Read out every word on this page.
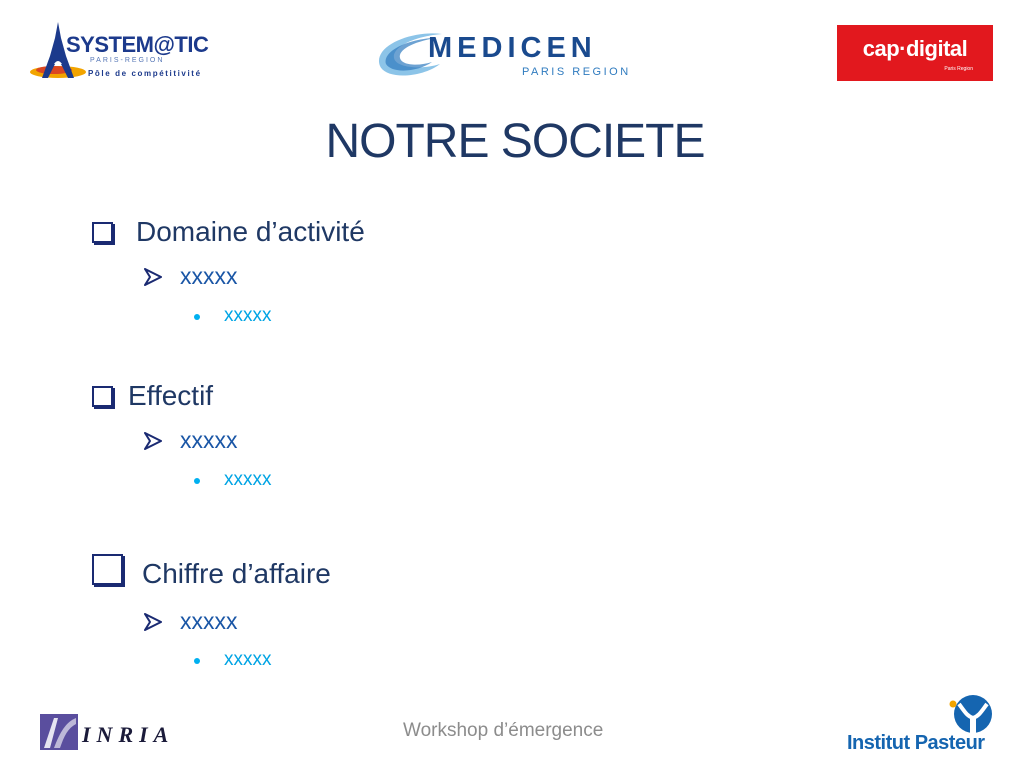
SYSTEM@TIC
PARIS-REGION
Pôle de compétitivité
MEDICEN
PARIS REGION
cap·digital
Paris Region
NOTRE SOCIETE
Domaine d’activité
xxxxx
xxxxx
Effectif
xxxxx
xxxxx
Chiffre d’affaire
xxxxx
xxxxx
INRIA	Workshop d’émergence
Institut Pasteur
